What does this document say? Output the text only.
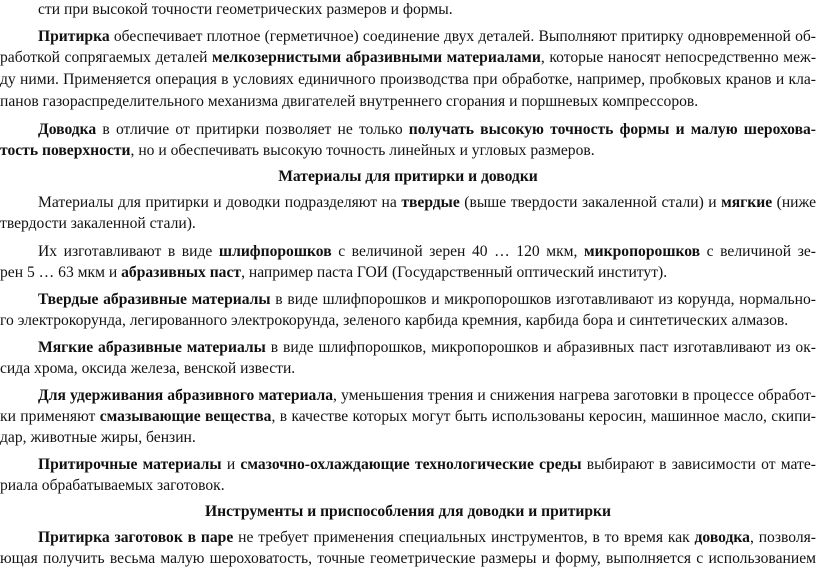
сти при высокой точности геометрических размеров и формы.
Притирка обеспечивает плотное (герметичное) соединение двух деталей. Выполняют притирку одновременной об-
работкой сопрягаемых деталей мелкозернистыми абразивными материалами, которые наносят непосредственно меж-
ду ними. Применяется операция в условиях единичного производства при обработке, например, пробковых кранов и кла-
панов газораспределительного механизма двигателей внутреннего сгорания и поршневых компрессоров.
Доводка в отличие от притирки позволяет не только получать высокую точность формы и малую шерохова-
тость поверхности, но и обеспечивать высокую точность линейных и угловых размеров.
Материалы для притирки и доводки
Материалы для притирки и доводки подразделяют на твердые (выше твердости закаленной стали) и мягкие (ниже
твердости закаленной стали).
Их изготавливают в виде шлифпорошков с величиной зерен 40 … 120 мкм, микропорошков с величиной зе-
рен 5 … 63 мкм и абразивных паст, например паста ГОИ (Государственный оптический институт).
Твердые абразивные материалы в виде шлифпорошков и микропорошков изготавливают из корунда, нормально-
го электрокорунда, легированного электрокорунда, зеленого карбида кремния, карбида бора и синтетических алмазов.
Мягкие абразивные материалы в виде шлифпорошков, микропорошков и абразивных паст изготавливают из ок-
сида хрома, оксида железа, венской извести.
Для удерживания абразивного материала, уменьшения трения и снижения нагрева заготовки в процессе обработ-
ки применяют смазывающие вещества, в качестве которых могут быть использованы керосин, машинное масло, скипи-
дар, животные жиры, бензин.
Притирочные материалы и смазочно-охлаждающие технологические среды выбирают в зависимости от мате-
риала обрабатываемых заготовок.
Инструменты и приспособления для доводки и притирки
Притирка заготовок в паре не требует применения специальных инструментов, в то время как доводка, позволя-
ющая получить весьма малую шероховатость, точные геометрические размеры и форму, выполняется с использованием
